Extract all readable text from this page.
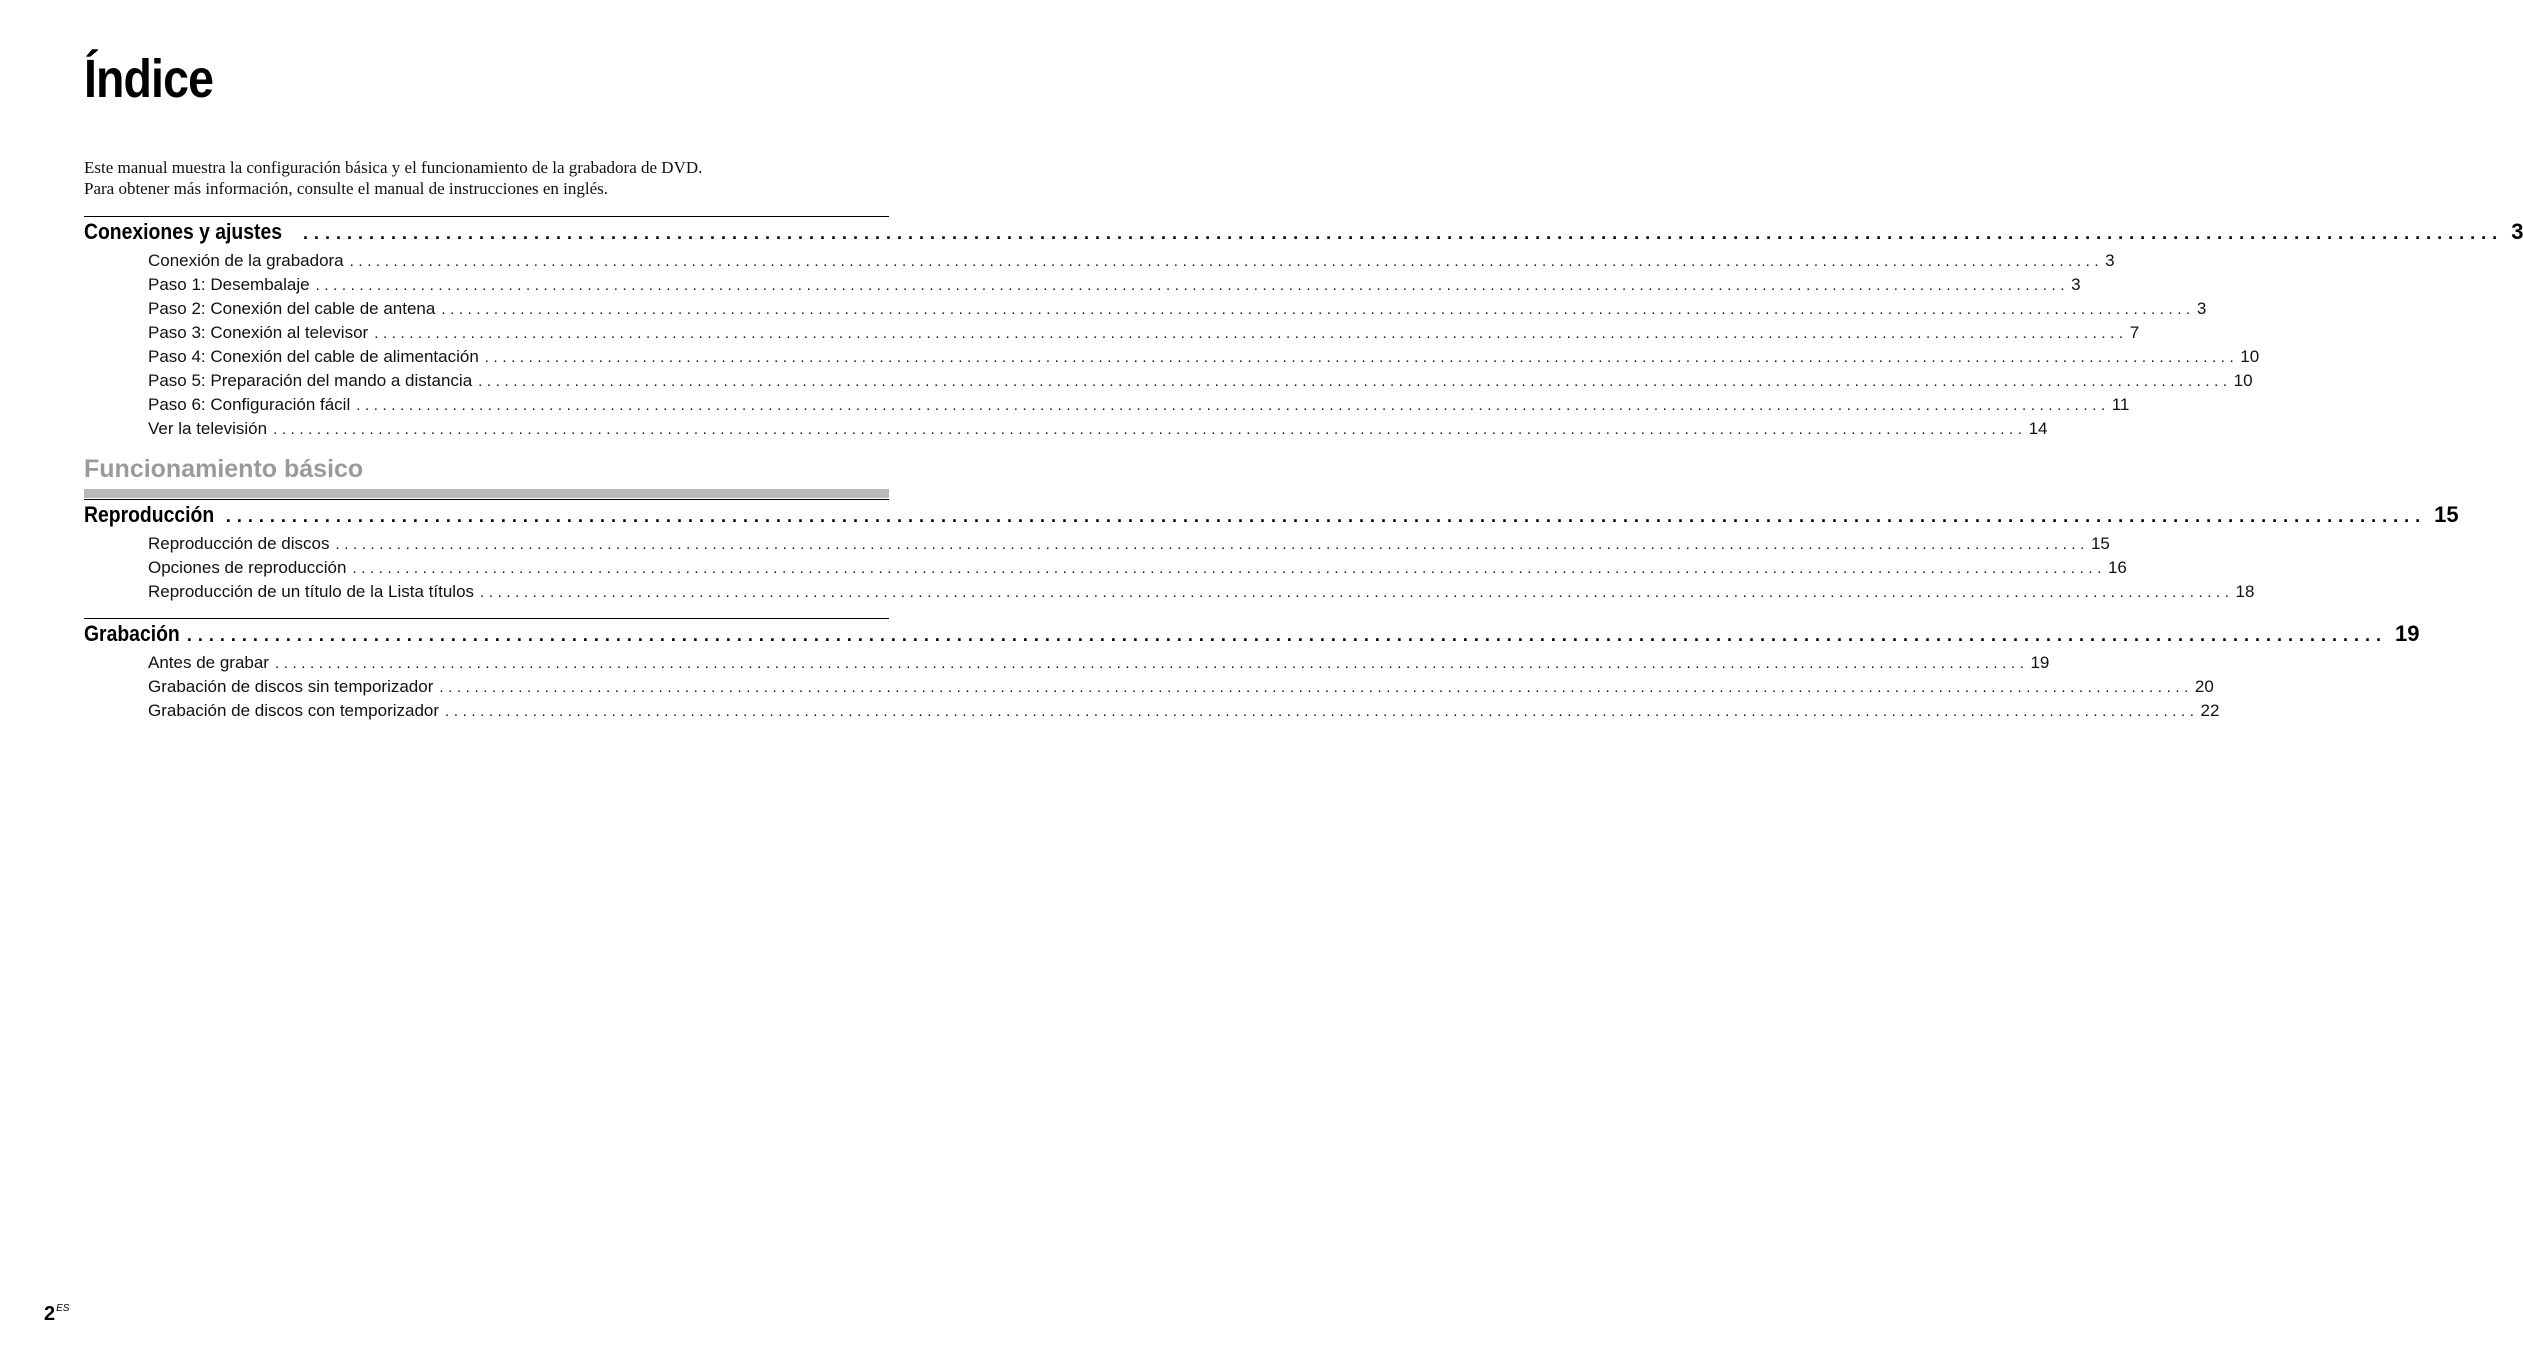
Índice
Este manual muestra la configuración básica y el funcionamiento de la grabadora de DVD.
Para obtener más información, consulte el manual de instrucciones en inglés.
Conexiones y ajustes ........................................................................................................................................................................................................ 3
Conexión de la grabadora ........................................................................................................................................................................................................ 3
Paso 1: Desembalaje ........................................................................................................................................................................................................ 3
Paso 2: Conexión del cable de antena ........................................................................................................................................................................................................ 3
Paso 3: Conexión al televisor ........................................................................................................................................................................................................ 7
Paso 4: Conexión del cable de alimentación ........................................................................................................................................................................................................ 10
Paso 5: Preparación del mando a distancia ........................................................................................................................................................................................................ 10
Paso 6: Configuración fácil ........................................................................................................................................................................................................ 11
Ver la televisión ........................................................................................................................................................................................................ 14
Funcionamiento básico
Reproducción ........................................................................................................................................................................................................ 15
Reproducción de discos ........................................................................................................................................................................................................ 15
Opciones de reproducción ........................................................................................................................................................................................................ 16
Reproducción de un título de la Lista títulos ........................................................................................................................................................................................................ 18
Grabación ........................................................................................................................................................................................................ 19
Antes de grabar ........................................................................................................................................................................................................ 19
Grabación de discos sin temporizador ........................................................................................................................................................................................................ 20
Grabación de discos con temporizador ........................................................................................................................................................................................................ 22
$2^{ES}$
